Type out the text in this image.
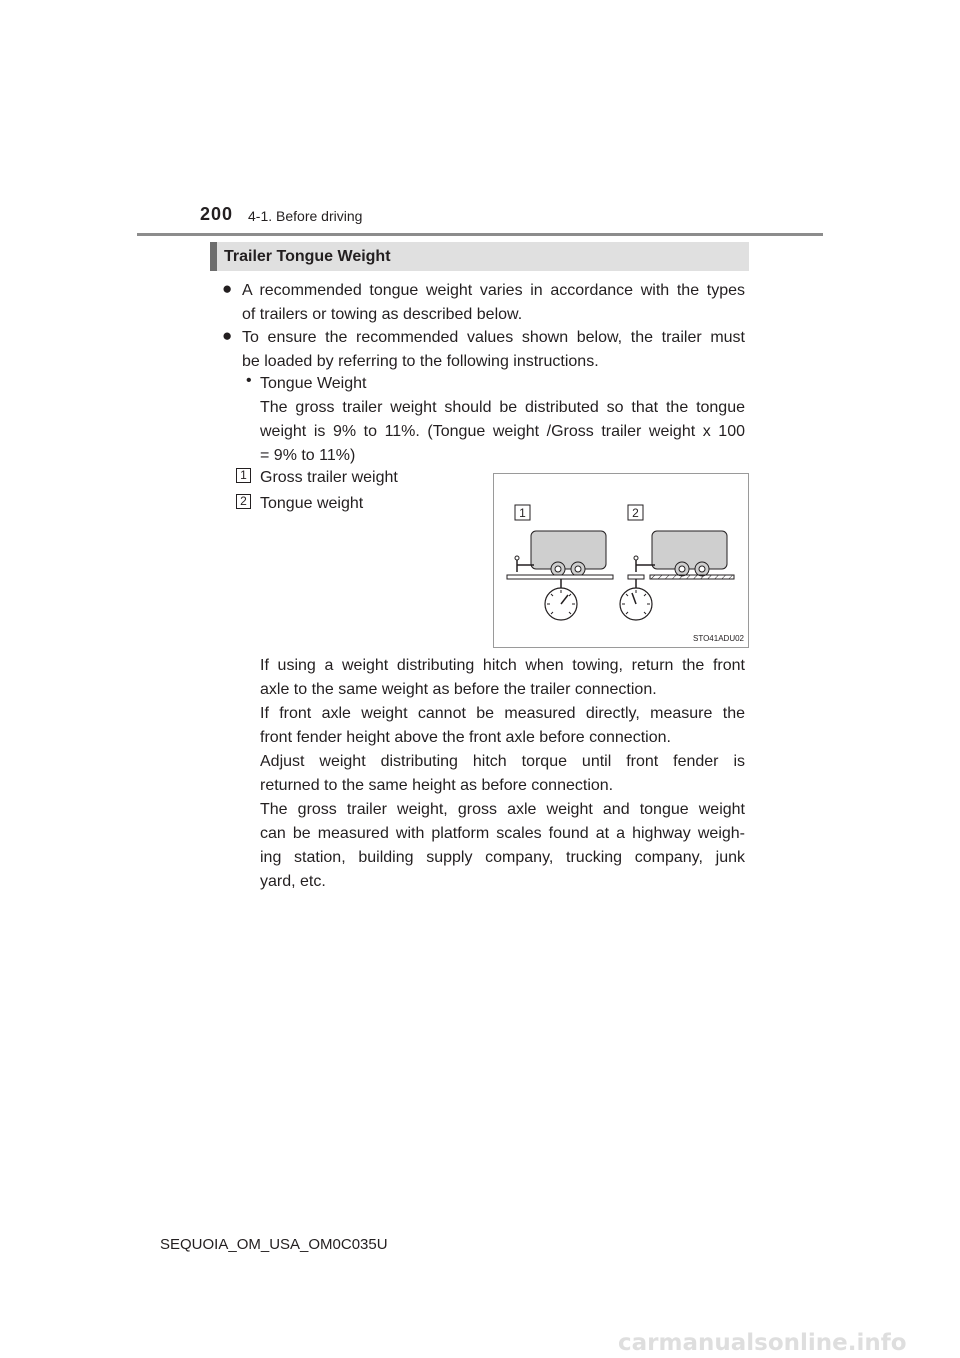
200 4-1. Before driving
Trailer Tongue Weight
● A recommended tongue weight varies in accordance with the types
of trailers or towing as described below.
● To ensure the recommended values shown below, the trailer must
be loaded by referring to the following instructions.
• Tongue Weight
The gross trailer weight should be distributed so that the tongue
weight is 9% to 11%. (Tongue weight /Gross trailer weight x 100
= 9% to 11%)
1 Gross trailer weight
2 Tongue weight
1	2
STO41ADU02
If using a weight distributing hitch when towing, return the front
axle to the same weight as before the trailer connection.
If front axle weight cannot be measured directly, measure the
front fender height above the front axle before connection.
Adjust weight distributing hitch torque until front fender is
returned to the same height as before connection.
The gross trailer weight, gross axle weight and tongue weight
can be measured with platform scales found at a highway weigh-
ing station, building supply company, trucking company, junk
yard, etc.
SEQUOIA_OM_USA_OM0C035U
carmanualsonline.info
